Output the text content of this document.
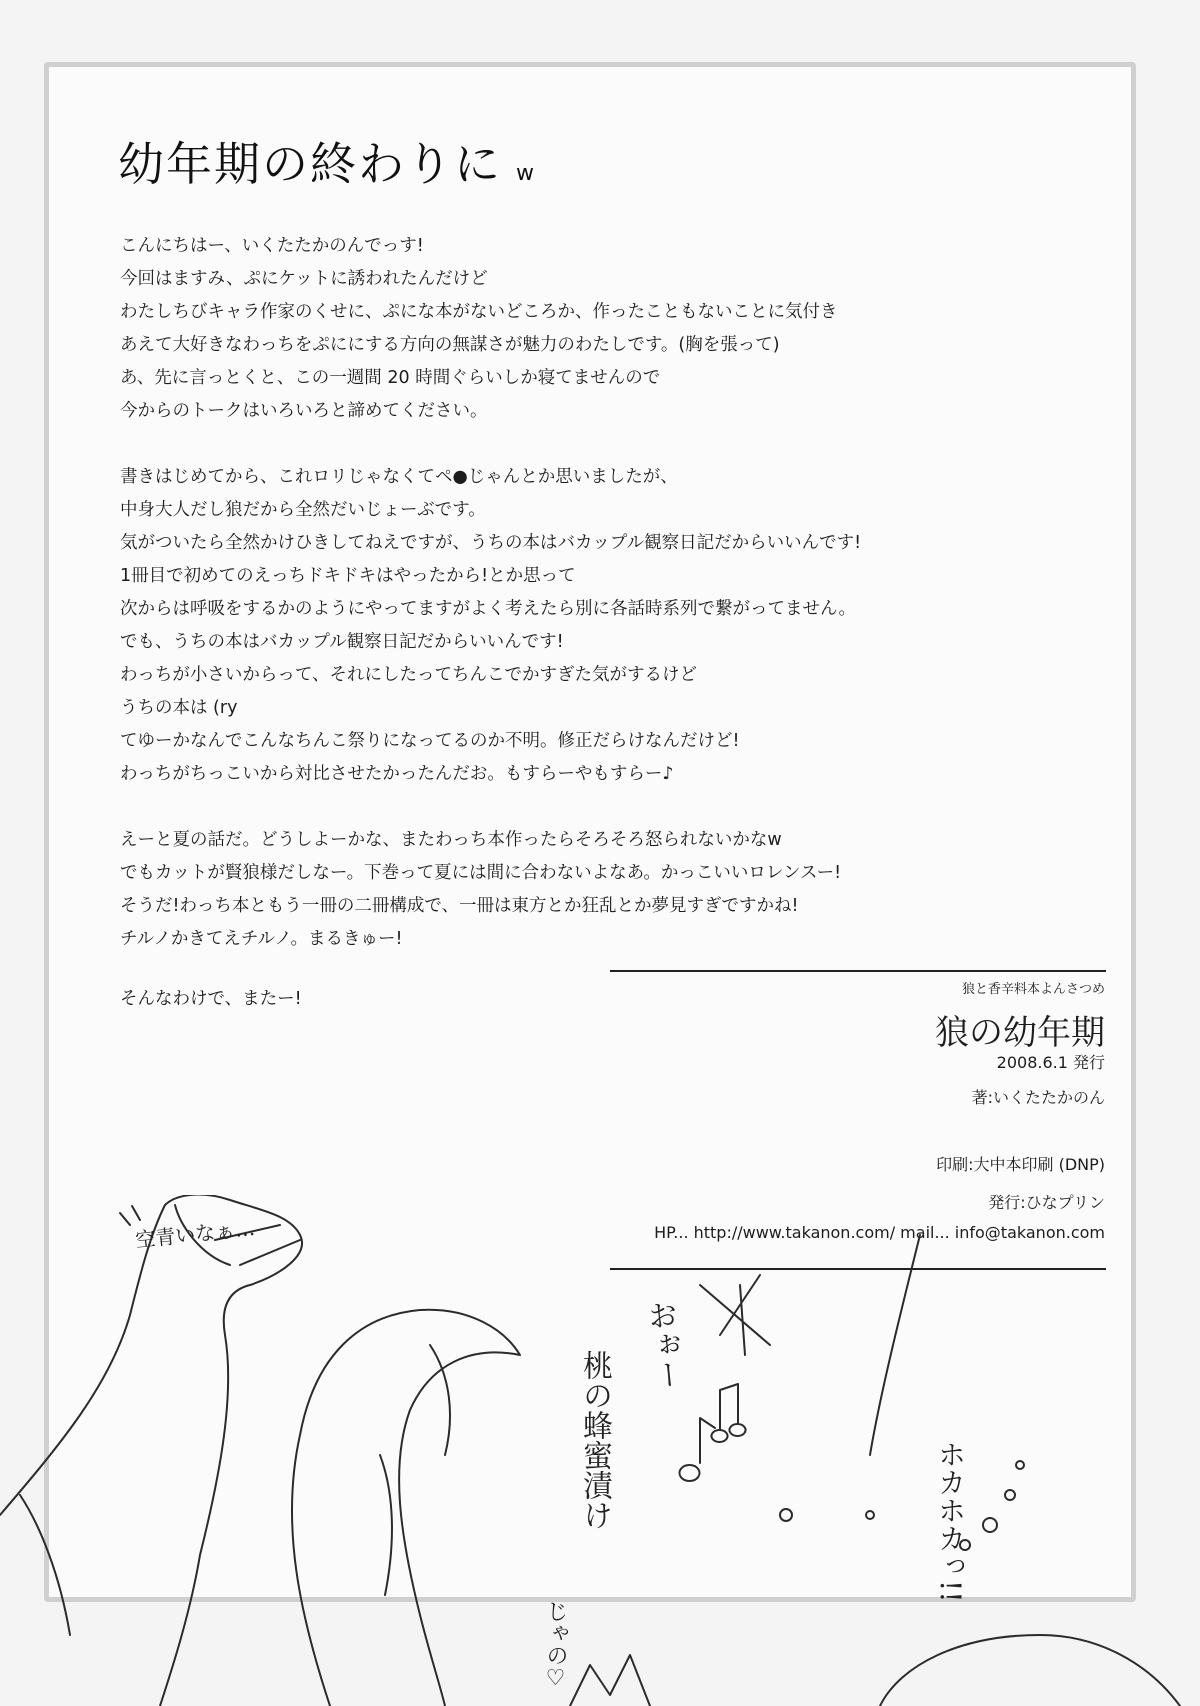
幼年期の終わりに w
こんにちはー、いくたたかのんでっす!
今回はますみ、ぷにケットに誘われたんだけど
わたしちびキャラ作家のくせに、ぷにな本がないどころか、作ったこともないことに気付き
あえて大好きなわっちをぷににする方向の無謀さが魅力のわたしです。(胸を張って)
あ、先に言っとくと、この一週間 20 時間ぐらいしか寝てませんので
今からのトークはいろいろと諦めてください。
書きはじめてから、これロリじゃなくてペ●じゃんとか思いましたが、
中身大人だし狼だから全然だいじょーぶです。
気がついたら全然かけひきしてねえですが、うちの本はバカップル観察日記だからいいんです!
1冊目で初めてのえっちドキドキはやったから!とか思って
次からは呼吸をするかのようにやってますがよく考えたら別に各話時系列で繋がってません。
でも、うちの本はバカップル観察日記だからいいんです!
わっちが小さいからって、それにしたってちんこでかすぎた気がするけど
うちの本は (ry
てゆーかなんでこんなちんこ祭りになってるのか不明。修正だらけなんだけど!
わっちがちっこいから対比させたかったんだお。もすらーやもすらー♪
えーと夏の話だ。どうしよーかな、またわっち本作ったらそろそろ怒られないかなw
でもカットが賢狼様だしなー。下巻って夏には間に合わないよなあ。かっこいいロレンスー!
そうだ!わっち本ともう一冊の二冊構成で、一冊は東方とか狂乱とか夢見すぎですかね!
チルノかきてえチルノ。まるきゅー!
そんなわけで、またー!	狼と香辛料本よんさつめ
狼の幼年期
2008.6.1 発行
著:いくたたかのん
印刷:大中本印刷 (DNP)
発行:ひなプリン
HP... http://www.takanon.com/ mail... info@takanon.com
空青いなぁ…
おぉー
桃の蜂蜜漬け
じゃの♡
ホカホカっ!!
